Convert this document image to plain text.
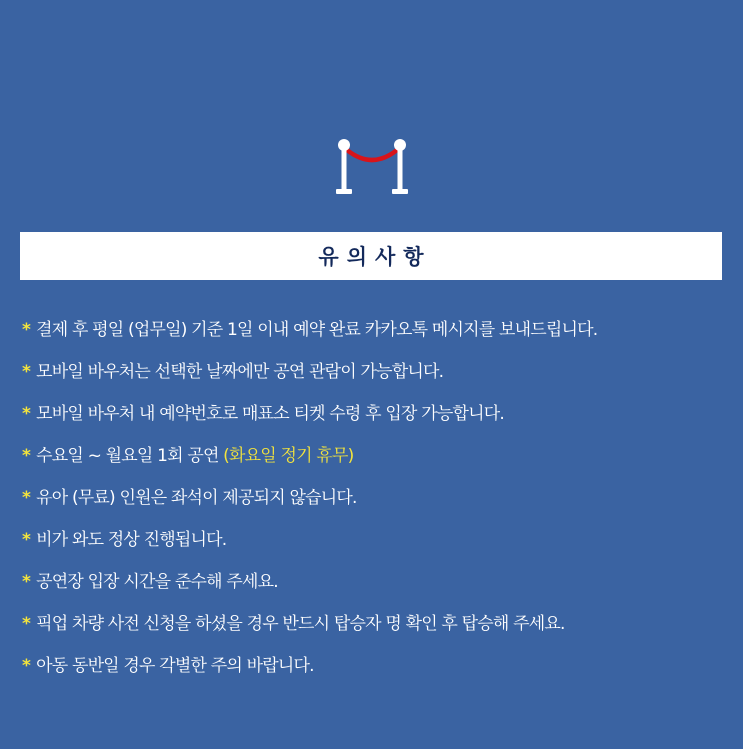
유의사항
* 결제 후 평일 (업무일) 기준 1일 이내 예약 완료 카카오톡 메시지를 보내드립니다.
* 모바일 바우처는 선택한 날짜에만 공연 관람이 가능합니다.
* 모바일 바우처 내 예약번호로 매표소 티켓 수령 후 입장 가능합니다.
* 수요일 ~ 월요일 1회 공연 (화요일 정기 휴무)
* 유아 (무료) 인원은 좌석이 제공되지 않습니다.
* 비가 와도 정상 진행됩니다.
* 공연장 입장 시간을 준수해 주세요.
* 픽업 차량 사전 신청을 하셨을 경우 반드시 탑승자 명 확인 후 탑승해 주세요.
* 아동 동반일 경우 각별한 주의 바랍니다.
